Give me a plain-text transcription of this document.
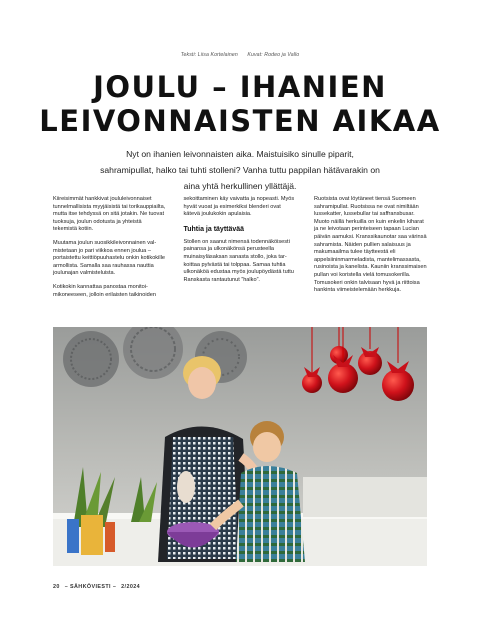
Teksti: Liisa Kortelainen Kuvat: Rodeo ja Vallo
JOULU – IHANIEN
LEIVONNAISTEN AIKAA
Nyt on ihanien leivonnaisten aika. Maistuisiko sinulle piparit, sahramipullat, halko tai tuhti stolleni? Vanha tuttu pappilan hätävarakin on aina yhtä herkullinen yllättäjä.

Kiireisimmät hankkivat joululeivonnaiset tunnelmallisista myyjäisistä tai torikauppiailta, mutta itse tehdyssä on sitä jotakin. Ne tuovat tuoksuja, joulun odotusta ja yhteistä tekemistä kotiin.

Muutama joulun suosikkileivonnainen valmistetaan jo pari viikkoa ennen joulua – portaistettu keittiöpuuhastelu onkin kotikokille armollista. Samalla saa rauhassa nauttia joulunajan valmisteluista.

Kotikokin kannattaa panostaa monitoimikoneeseen, jolloin erilaisten taikinoiden

sekoittaminen käy vaivatta ja nopeasti. Myös hyvät vuoat ja esimerkiksi blenderi ovat kätevä joulukokin apulaisia.

Tuhtia ja täyttävää

Stollen on saanut nimensä todennäköisesti painansa ja ulkonäkönsä perusteella muinaisyläsaksan sanasta stollo, joka tarkoittaa pylvästä tai tolppaa. Samaa tuhtia ulkonäköä edustaa myös joulupöydästä tuttu Ranskasta rantautunut ”halko”.

Ruotsista ovat löytäneet tiensä Suomeen sahramipullat. Ruotsissa ne ovat nimiltään lussekatter, lussebullar tai saffransbusar. Muoto näillä herkuilla on kuin enkelin kiharat ja ne leivotaan perinteiseen tapaan Lucian päivän aamuksi. Kranssikaunotar saa värinsä sahramista. Näiden pullien salaisuus ja makumaailma tulee täytteestä eli appelsiininmarmeladista, mantelimassasta, rusinoista ja kanelista. Kauniin kranssimaisen pullan voi koristella vielä tomusokerilla. Tomusokeri onkin talvisaan hyvä ja riittoisa hankinta viimeistelemään herkkuja.

20 – SÄHKÖVIESTI – 2/2024
